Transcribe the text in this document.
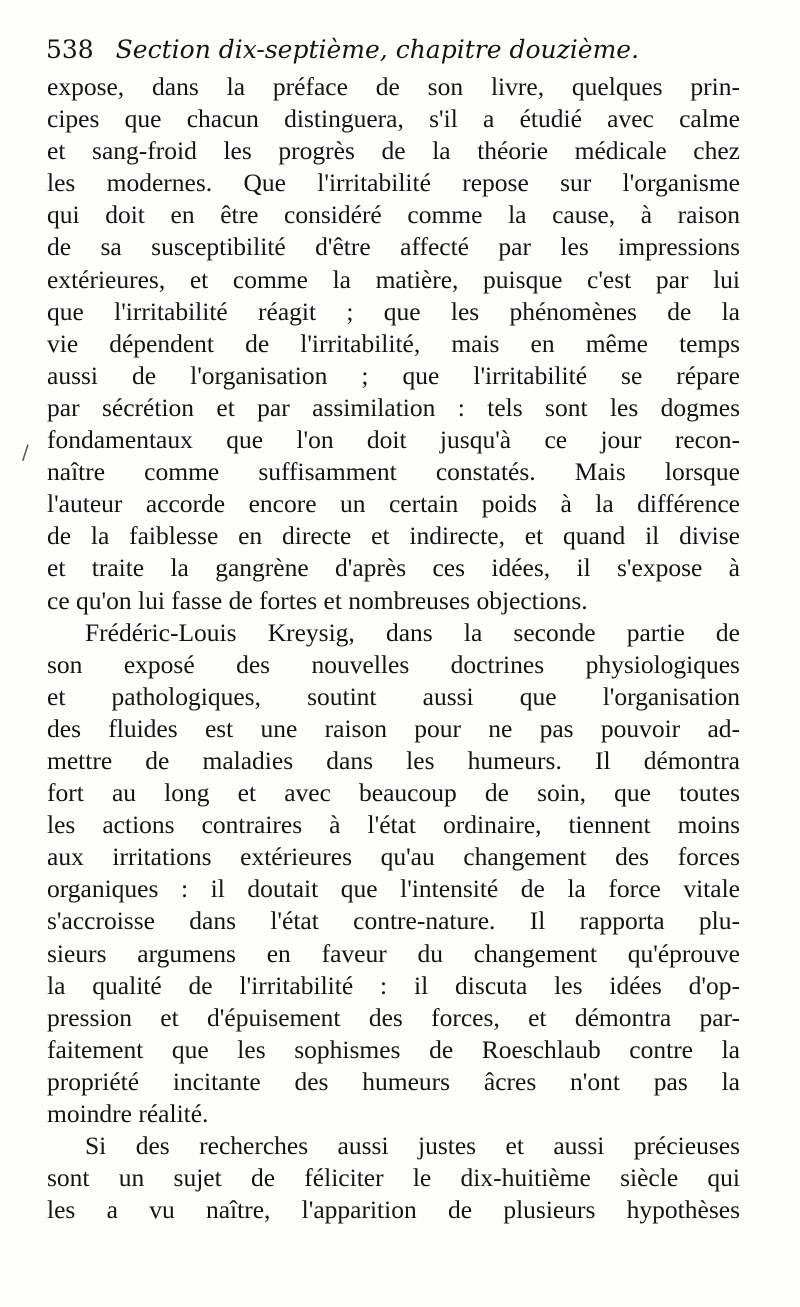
538 Section dix-septième, chapitre douzième.
expose, dans la préface de son livre, quelques prin-
cipes que chacun distinguera, s'il a étudié avec calme
et sang-froid les progrès de la théorie médicale chez
les modernes. Que l'irritabilité repose sur l'organisme
qui doit en être considéré comme la cause, à raison
de sa susceptibilité d'être affecté par les impressions
extérieures, et comme la matière, puisque c'est par lui
que l'irritabilité réagit ; que les phénomènes de la
vie dépendent de l'irritabilité, mais en même temps
aussi de l'organisation ; que l'irritabilité se répare
par sécrétion et par assimilation : tels sont les dogmes
fondamentaux que l'on doit jusqu'à ce jour recon-
naître comme suffisamment constatés. Mais lorsque
l'auteur accorde encore un certain poids à la différence
de la faiblesse en directe et indirecte, et quand il divise
et traite la gangrène d'après ces idées, il s'expose à
ce qu'on lui fasse de fortes et nombreuses objections.
Frédéric-Louis Kreysig, dans la seconde partie de
son exposé des nouvelles doctrines physiologiques
et pathologiques, soutint aussi que l'organisation
des fluides est une raison pour ne pas pouvoir ad-
mettre de maladies dans les humeurs. Il démontra
fort au long et avec beaucoup de soin, que toutes
les actions contraires à l'état ordinaire, tiennent moins
aux irritations extérieures qu'au changement des forces
organiques : il doutait que l'intensité de la force vitale
s'accroisse dans l'état contre-nature. Il rapporta plu-
sieurs argumens en faveur du changement qu'éprouve
la qualité de l'irritabilité : il discuta les idées d'op-
pression et d'épuisement des forces, et démontra par-
faitement que les sophismes de Roeschlaub contre la
propriété incitante des humeurs âcres n'ont pas la
moindre réalité.
Si des recherches aussi justes et aussi précieuses
sont un sujet de féliciter le dix-huitième siècle qui
les a vu naître, l'apparition de plusieurs hypothèses
/
